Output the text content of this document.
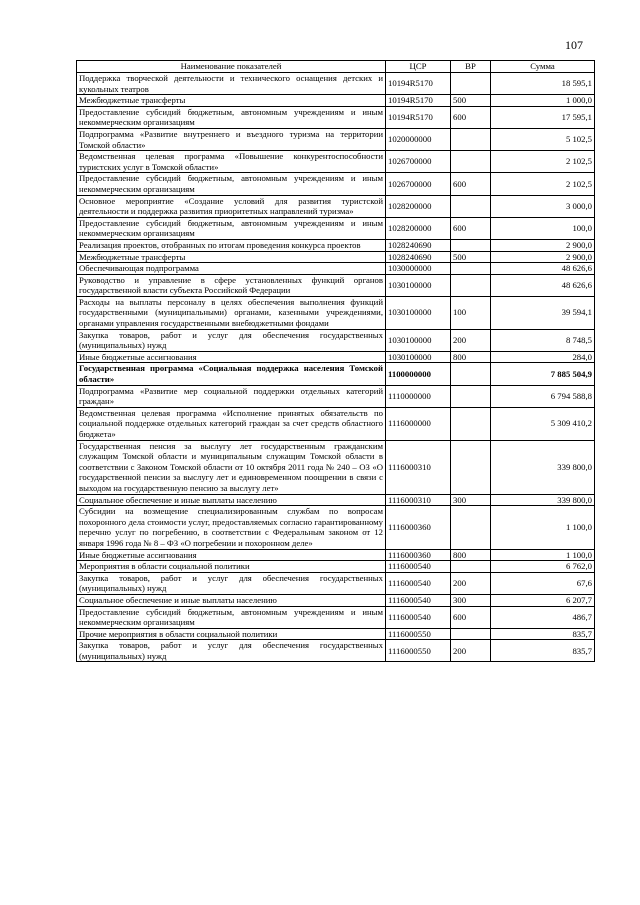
107
Наименование показателей	ЦСР	ВР	Сумма
Поддержка творческой деятельности и технического оснащения детских и кукольных театров	10194R5170		18 595,1
Межбюджетные трансферты	10194R5170	500	1 000,0
Предоставление субсидий бюджетным, автономным учреждениям и иным некоммерческим организациям	10194R5170	600	17 595,1
Подпрограмма «Развитие внутреннего и въездного туризма на территории Томской области»	1020000000		5 102,5
Ведомственная целевая программа «Повышение конкурентоспособности туристских услуг в Томской области»	1026700000		2 102,5
Предоставление субсидий бюджетным, автономным учреждениям и иным некоммерческим организациям	1026700000	600	2 102,5
Основное мероприятие «Создание условий для развития туристской деятельности и поддержка развития приоритетных направлений туризма»	1028200000		3 000,0
Предоставление субсидий бюджетным, автономным учреждениям и иным некоммерческим организациям	1028200000	600	100,0
Реализация проектов, отобранных по итогам проведения конкурса проектов	1028240690		2 900,0
Межбюджетные трансферты	1028240690	500	2 900,0
Обеспечивающая подпрограмма	1030000000		48 626,6
Руководство и управление в сфере установленных функций органов государственной власти субъекта Российской Федерации	1030100000		48 626,6
Расходы на выплаты персоналу в целях обеспечения выполнения функций государственными (муниципальными) органами, казенными учреждениями, органами управления государственными внебюджетными фондами	1030100000	100	39 594,1
Закупка товаров, работ и услуг для обеспечения государственных (муниципальных) нужд	1030100000	200	8 748,5
Иные бюджетные ассигнования	1030100000	800	284,0
Государственная программа «Социальная поддержка населения Томской области»	1100000000		7 885 504,9
Подпрограмма «Развитие мер социальной поддержки отдельных категорий граждан»	1110000000		6 794 588,8
Ведомственная целевая программа «Исполнение принятых обязательств по социальной поддержке отдельных категорий граждан за счет средств областного бюджета»	1116000000		5 309 410,2
Государственная пенсия за выслугу лет государственным гражданским служащим Томской области и муниципальным служащим Томской области в соответствии с Законом Томской области от 10 октября 2011 года № 240 – ОЗ «О государственной пенсии за выслугу лет и единовременном поощрении в связи с выходом на государственную пенсию за выслугу лет»	1116000310		339 800,0
Социальное обеспечение и иные выплаты населению	1116000310	300	339 800,0
Субсидии на возмещение специализированным службам по вопросам похоронного дела стоимости услуг, предоставляемых согласно гарантированному перечню услуг по погребению, в соответствии с Федеральным законом от 12 января 1996 года № 8 – ФЗ «О погребении и похоронном деле»	1116000360		1 100,0
Иные бюджетные ассигнования	1116000360	800	1 100,0
Мероприятия в области социальной политики	1116000540		6 762,0
Закупка товаров, работ и услуг для обеспечения государственных (муниципальных) нужд	1116000540	200	67,6
Социальное обеспечение и иные выплаты населению	1116000540	300	6 207,7
Предоставление субсидий бюджетным, автономным учреждениям и иным некоммерческим организациям	1116000540	600	486,7
Прочие мероприятия в области социальной политики	1116000550		835,7
Закупка товаров, работ и услуг для обеспечения государственных (муниципальных) нужд	1116000550	200	835,7
